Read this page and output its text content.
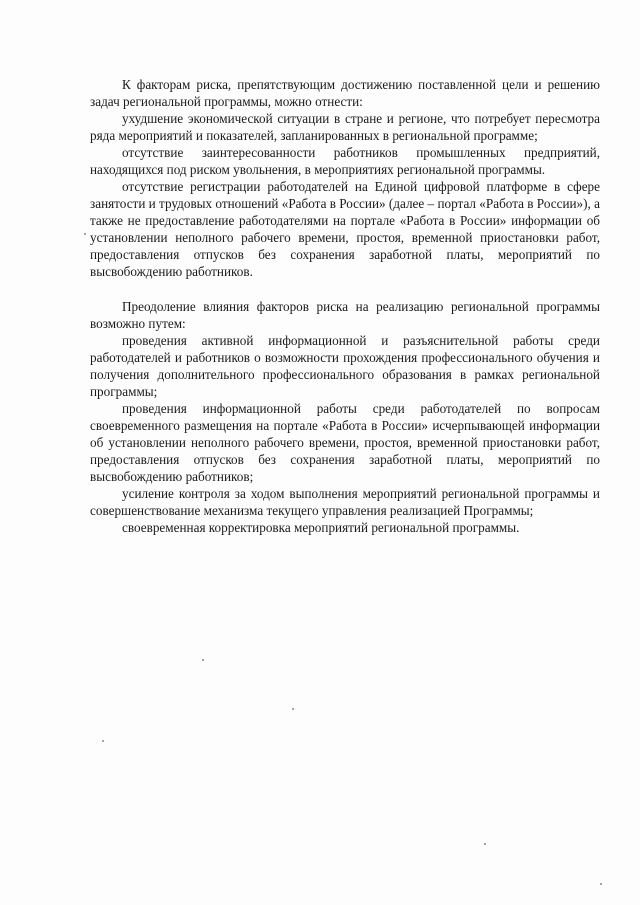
К факторам риска, препятствующим достижению поставленной цели и решению задач региональной программы, можно отнести:

ухудшение экономической ситуации в стране и регионе, что потребует пересмотра ряда мероприятий и показателей, запланированных в региональной программе;

отсутствие заинтересованности работников промышленных предприятий, находящихся под риском увольнения, в мероприятиях региональной программы.

отсутствие регистрации работодателей на Единой цифровой платформе в сфере занятости и трудовых отношений «Работа в России» (далее – портал «Работа в России»), а также не предоставление работодателями на портале «Работа в России» информации об установлении неполного рабочего времени, простоя, временной приостановки работ, предоставления отпусков без сохранения заработной платы, мероприятий по высвобождению работников.

Преодоление влияния факторов риска на реализацию региональной программы возможно путем:

проведения активной информационной и разъяснительной работы среди работодателей и работников о возможности прохождения профессионального обучения и получения дополнительного профессионального образования в рамках региональной программы;

проведения информационной работы среди работодателей по вопросам своевременного размещения на портале «Работа в России» исчерпывающей информации об установлении неполного рабочего времени, простоя, временной приостановки работ, предоставления отпусков без сохранения заработной платы, мероприятий по высвобождению работников;

усиление контроля за ходом выполнения мероприятий региональной программы и совершенствование механизма текущего управления реализацией Программы;

своевременная корректировка мероприятий региональной программы.
